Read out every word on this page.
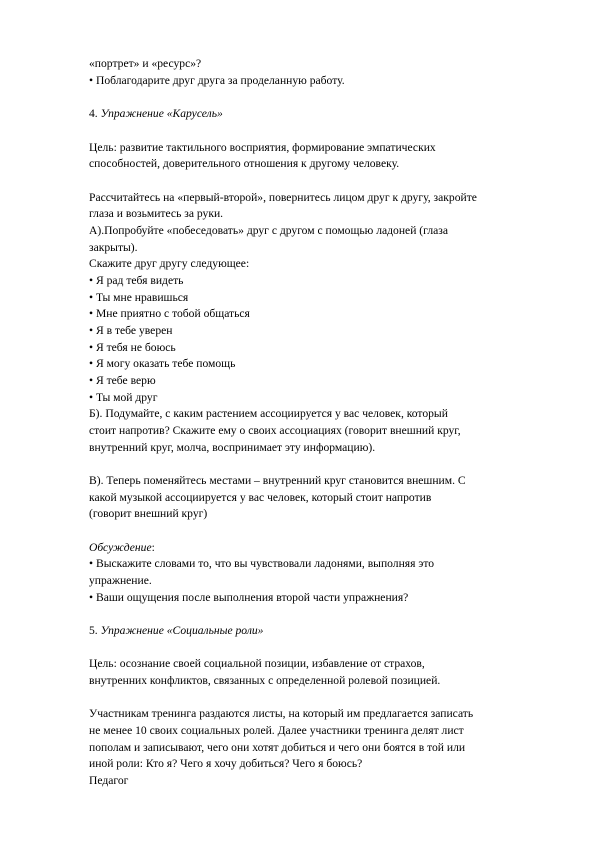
«портрет» и «ресурс»?
• Поблагодарите друг друга за проделанную работу.
4. Упражнение «Карусель»
Цель: развитие тактильного восприятия, формирование эмпатических
способностей, доверительного отношения к другому человеку.
Рассчитайтесь на «первый-второй», повернитесь лицом друг к другу, закройте
глаза и возьмитесь за руки.
А).Попробуйте «побеседовать» друг с другом с помощью ладоней (глаза
закрыты).
Скажите друг другу следующее:
• Я рад тебя видеть
• Ты мне нравишься
• Мне приятно с тобой общаться
• Я в тебе уверен
• Я тебя не боюсь
• Я могу оказать тебе помощь
• Я тебе верю
• Ты мой друг
Б). Подумайте, с каким растением ассоциируется у вас человек, который
стоит напротив? Скажите ему о своих ассоциациях (говорит внешний круг,
внутренний круг, молча, воспринимает эту информацию).
В). Теперь поменяйтесь местами – внутренний круг становится внешним. С
какой музыкой ассоциируется у вас человек, который стоит напротив
(говорит внешний круг)
Обсуждение:
• Выскажите словами то, что вы чувствовали ладонями, выполняя это
упражнение.
• Ваши ощущения после выполнения второй части упражнения?
5. Упражнение «Социальные роли»
Цель: осознание своей социальной позиции, избавление от страхов,
внутренних конфликтов, связанных с определенной ролевой позицией.
Участникам тренинга раздаются листы, на который им предлагается записать
не менее 10 своих социальных ролей. Далее участники тренинга делят лист
пополам и записывают, чего они хотят добиться и чего они боятся в той или
иной роли: Кто я? Чего я хочу добиться? Чего я боюсь?
Педагог
